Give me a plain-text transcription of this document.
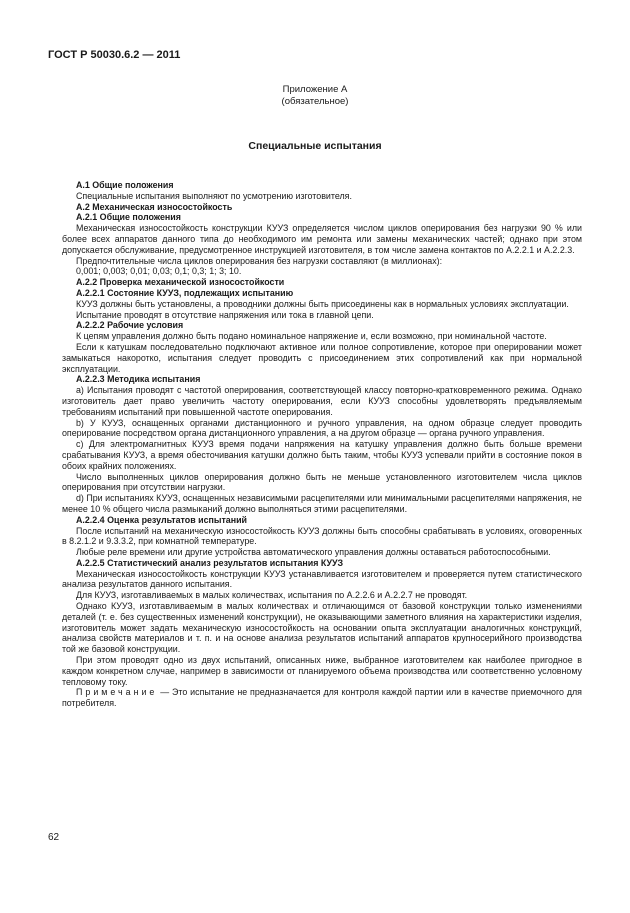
ГОСТ Р 50030.6.2 — 2011
Приложение А
(обязательное)
Специальные испытания

А.1 Общие положения

Специальные испытания выполняют по усмотрению изготовителя.

А.2 Механическая износостойкость

А.2.1 Общие положения

Механическая износостойкость конструкции КУУЗ определяется числом циклов оперирования без нагрузки 90 % или более всех аппаратов данного типа до необходимого им ремонта или замены механических частей; однако при этом допускается обслуживание, предусмотренное инструкцией изготовителя, в том числе замена контактов по А.2.2.1 и А.2.2.3.

Предпочтительные числа циклов оперирования без нагрузки составляют (в миллионах):

0,001; 0,003; 0,01; 0,03; 0,1; 0,3; 1; 3; 10.

А.2.2 Проверка механической износостойкости

А.2.2.1 Состояние КУУЗ, подлежащих испытанию

КУУЗ должны быть установлены, а проводники должны быть присоединены как в нормальных условиях эксплуатации.

Испытание проводят в отсутствие напряжения или тока в главной цепи.

А.2.2.2 Рабочие условия

К цепям управления должно быть подано номинальное напряжение и, если возможно, при номинальной частоте.

Если к катушкам последовательно подключают активное или полное сопротивление, которое при оперировании может замыкаться накоротко, испытания следует проводить с присоединением этих сопротивлений как при нормальной эксплуатации.

А.2.2.3 Методика испытания

а) Испытания проводят с частотой оперирования, соответствующей классу повторно-кратковременного режима. Однако изготовитель дает право увеличить частоту оперирования, если КУУЗ способны удовлетворять предъявляемым требованиям испытаний при повышенной частоте оперирования.

b) У КУУЗ, оснащенных органами дистанционного и ручного управления, на одном образце следует проводить оперирование посредством органа дистанционного управления, а на другом образце — органа ручного управления.

c) Для электромагнитных КУУЗ время подачи напряжения на катушку управления должно быть больше времени срабатывания КУУЗ, а время обесточивания катушки должно быть таким, чтобы КУУЗ успевали прийти в состояние покоя в обоих крайних положениях.

Число выполненных циклов оперирования должно быть не меньше установленного изготовителем числа циклов оперирования при отсутствии нагрузки.

d) При испытаниях КУУЗ, оснащенных независимыми расцепителями или минимальными расцепителями напряжения, не менее 10 % общего числа размыканий должно выполняться этими расцепителями.

А.2.2.4 Оценка результатов испытаний

После испытаний на механическую износостойкость КУУЗ должны быть способны срабатывать в условиях, оговоренных в 8.2.1.2 и 9.3.3.2, при комнатной температуре.

Любые реле времени или другие устройства автоматического управления должны оставаться работоспособными.

А.2.2.5 Статистический анализ результатов испытания КУУЗ

Механическая износостойкость конструкции КУУЗ устанавливается изготовителем и проверяется путем статистического анализа результатов данного испытания.

Для КУУЗ, изготавливаемых в малых количествах, испытания по А.2.2.6 и А.2.2.7 не проводят.

Однако КУУЗ, изготавливаемым в малых количествах и отличающимся от базовой конструкции только изменениями деталей (т. е. без существенных изменений конструкции), не оказывающими заметного влияния на характеристики изделия, изготовитель может задать механическую износостойкость на основании опыта эксплуатации аналогичных конструкций, анализа свойств материалов и т. п. и на основе анализа результатов испытаний аппаратов крупносерийного производства той же базовой конструкции.

При этом проводят одно из двух испытаний, описанных ниже, выбранное изготовителем как наиболее пригодное в каждом конкретном случае, например в зависимости от планируемого объема производства или соответственно условному тепловому току.

Примечание — Это испытание не предназначается для контроля каждой партии или в качестве приемочного для потребителя.

62
